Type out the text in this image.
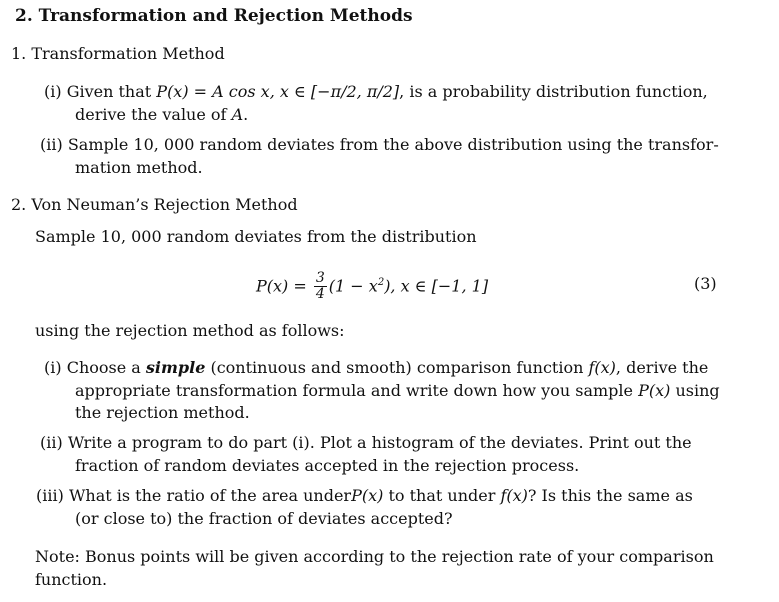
2. Transformation and Rejection Methods
1. Transformation Method
(i) Given that P(x) = A cos x, x ∈ [−π/2, π/2], is a probability distribution function,
derive the value of A.
(ii) Sample 10, 000 random deviates from the above distribution using the transfor-
mation method.
2. Von Neuman’s Rejection Method
Sample 10, 000 random deviates from the distribution
$P(x) = \frac{3}{4} (1 - x^2)$, x ∈ [−1, 1]	(3)
using the rejection method as follows:
(i) Choose a simple (continuous and smooth) comparison function f(x), derive the
appropriate transformation formula and write down how you sample P(x) using
the rejection method.
(ii) Write a program to do part (i). Plot a histogram of the deviates. Print out the
fraction of random deviates accepted in the rejection process.
(iii) What is the ratio of the area underP(x) to that under f(x)? Is this the same as
(or close to) the fraction of deviates accepted?
Note: Bonus points will be given according to the rejection rate of your comparison
function.
